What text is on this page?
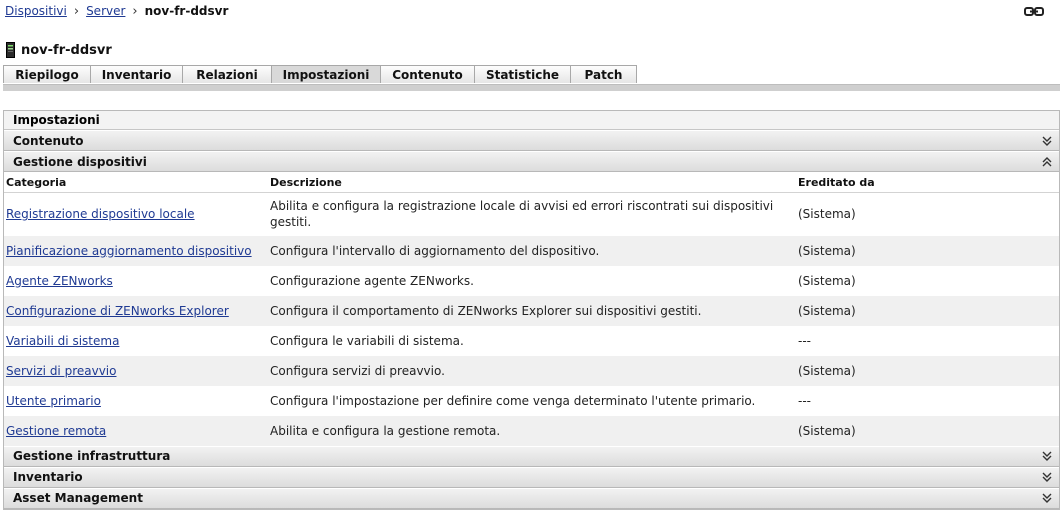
Dispositivi › Server › nov-fr-ddsvr
nov-fr-ddsvr
Riepilogo	Inventario	Relazioni	Impostazioni	Contenuto	Statistiche	Patch
Impostazioni
Contenuto
Gestione dispositivi
Categoria	Descrizione	Ereditato da
Registrazione dispositivo locale	Abilita e configura la registrazione locale di avvisi ed errori riscontrati sui dispositivi gestiti.	(Sistema)
Pianificazione aggiornamento dispositivo	Configura l'intervallo di aggiornamento del dispositivo.	(Sistema)
Agente ZENworks	Configurazione agente ZENworks.	(Sistema)
Configurazione di ZENworks Explorer	Configura il comportamento di ZENworks Explorer sui dispositivi gestiti.	(Sistema)
Variabili di sistema	Configura le variabili di sistema.	---
Servizi di preavvio	Configura servizi di preavvio.	(Sistema)
Utente primario	Configura l'impostazione per definire come venga determinato l'utente primario.	---
Gestione remota	Abilita e configura la gestione remota.	(Sistema)
Gestione infrastruttura
Inventario
Asset Management
